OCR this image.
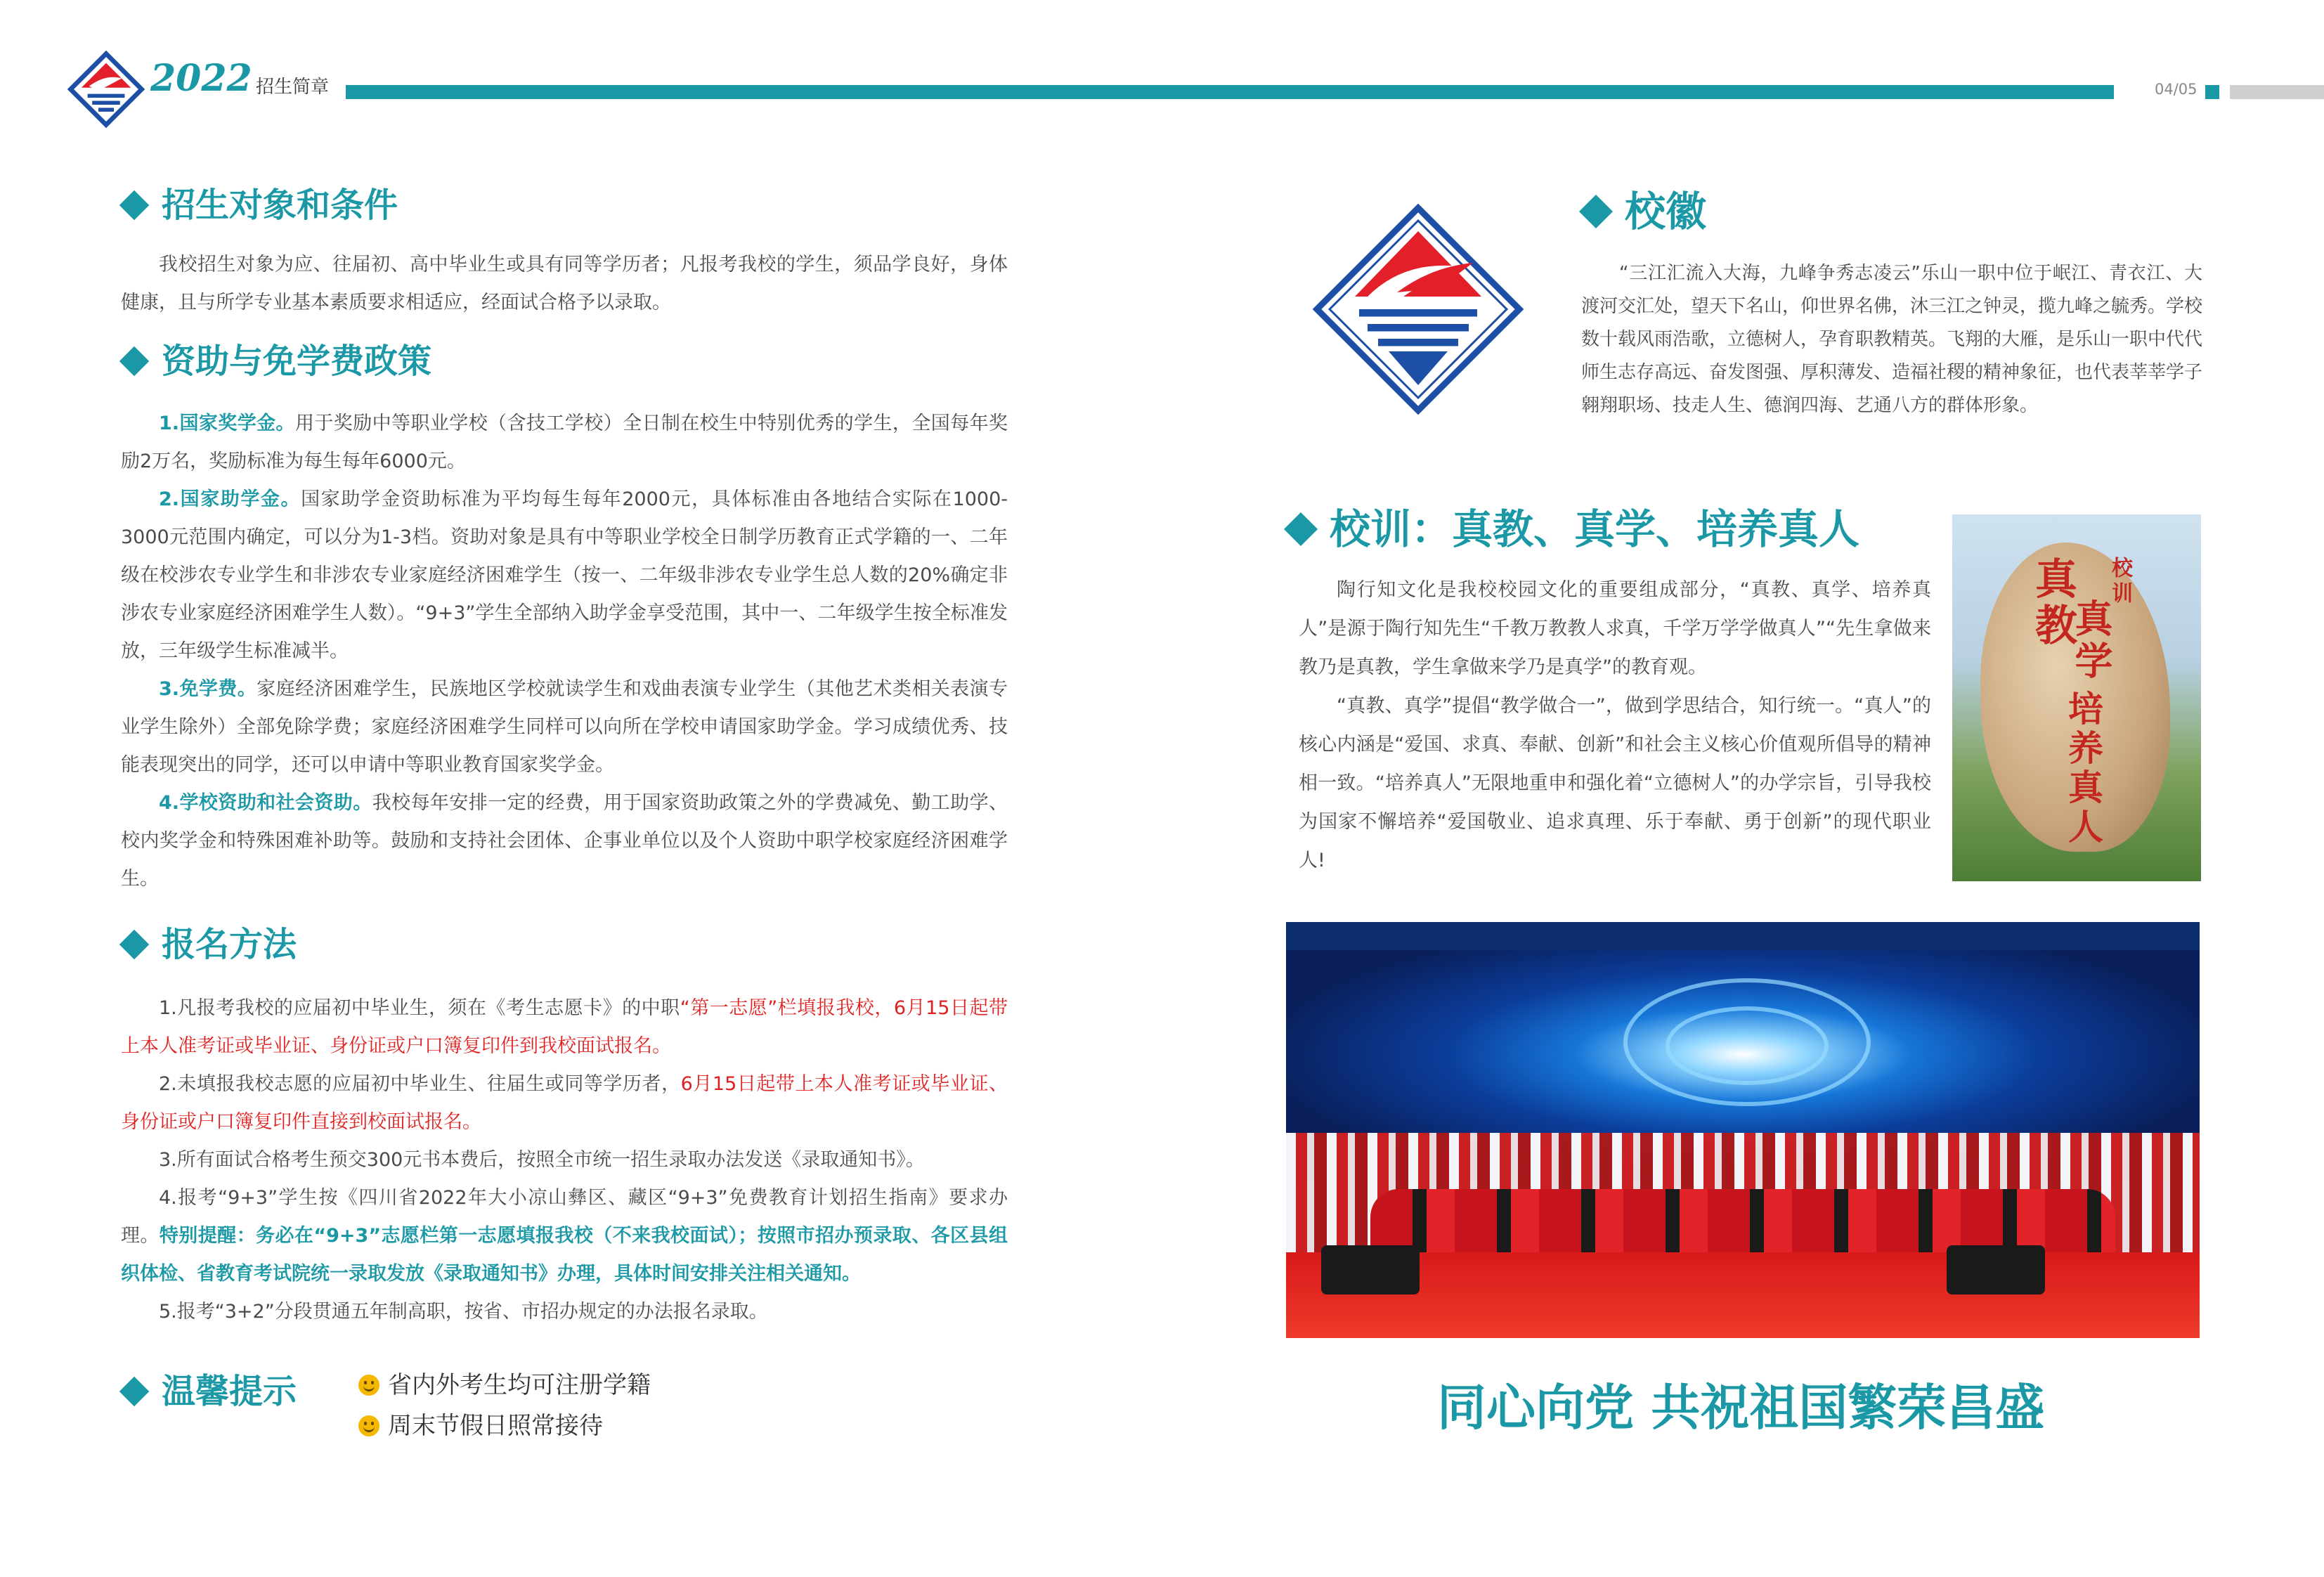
2022 招生简章	04/05
招生对象和条件

我校招生对象为应、往届初、高中毕业生或具有同等学历者；凡报考我校的学生，须品学良好，身体健康，且与所学专业基本素质要求相适应，经面试合格予以录取。

资助与免学费政策

1.国家奖学金。用于奖励中等职业学校（含技工学校）全日制在校生中特别优秀的学生，全国每年奖励2万名，奖励标准为每生每年6000元。

2.国家助学金。国家助学金资助标准为平均每生每年2000元，具体标准由各地结合实际在1000-3000元范围内确定，可以分为1-3档。资助对象是具有中等职业学校全日制学历教育正式学籍的一、二年级在校涉农专业学生和非涉农专业家庭经济困难学生（按一、二年级非涉农专业学生总人数的20%确定非涉农专业家庭经济困难学生人数）。“9+3”学生全部纳入助学金享受范围，其中一、二年级学生按全标准发放，三年级学生标准减半。

3.免学费。家庭经济困难学生，民族地区学校就读学生和戏曲表演专业学生（其他艺术类相关表演专业学生除外）全部免除学费；家庭经济困难学生同样可以向所在学校申请国家助学金。学习成绩优秀、技能表现突出的同学，还可以申请中等职业教育国家奖学金。

4.学校资助和社会资助。我校每年安排一定的经费，用于国家资助政策之外的学费减免、勤工助学、校内奖学金和特殊困难补助等。鼓励和支持社会团体、企事业单位以及个人资助中职学校家庭经济困难学生。

报名方法

1.凡报考我校的应届初中毕业生，须在《考生志愿卡》的中职“第一志愿”栏填报我校，6月15日起带上本人准考证或毕业证、身份证或户口簿复印件到我校面试报名。

2.未填报我校志愿的应届初中毕业生、往届生或同等学历者，6月15日起带上本人准考证或毕业证、身份证或户口簿复印件直接到校面试报名。

3.所有面试合格考生预交300元书本费后，按照全市统一招生录取办法发送《录取通知书》。

4.报考“9+3”学生按《四川省2022年大小凉山彝区、藏区“9+3”免费教育计划招生指南》要求办理。特别提醒：务必在“9+3”志愿栏第一志愿填报我校（不来我校面试）；按照市招办预录取、各区县组织体检、省教育考试院统一录取发放《录取通知书》办理，具体时间安排关注相关通知。

5.报考“3+2”分段贯通五年制高职，按省、市招办规定的办法报名录取。

温馨提示	省内外考生均可注册学籍
周末节假日照常接待
校徽

“三江汇流入大海，九峰争秀志凌云”乐山一职中位于岷江、青衣江、大渡河交汇处，望天下名山，仰世界名佛，沐三江之钟灵，揽九峰之毓秀。学校数十载风雨浩歌，立德树人，孕育职教精英。飞翔的大雁，是乐山一职中代代师生志存高远、奋发图强、厚积薄发、造福社稷的精神象征，也代表莘莘学子翱翔职场、技走人生、德润四海、艺通八方的群体形象。

校训：真教、真学、培养真人

陶行知文化是我校校园文化的重要组成部分，“真教、真学、培养真人”是源于陶行知先生“千教万教教人求真，千学万学学做真人”“先生拿做来教乃是真教，学生拿做来学乃是真学”的教育观。

“真教、真学”提倡“教学做合一”，做到学思结合，知行统一。“真人”的核心内涵是“爱国、求真、奉献、创新”和社会主义核心价值观所倡导的精神相一致。“培养真人”无限地重申和强化着“立德树人”的办学宗旨，引导我校为国家不懈培养“爱国敬业、追求真理、乐于奉献、勇于创新”的现代职业人!

真教
真学
校训
培养真人
同心向党 共祝祖国繁荣昌盛
